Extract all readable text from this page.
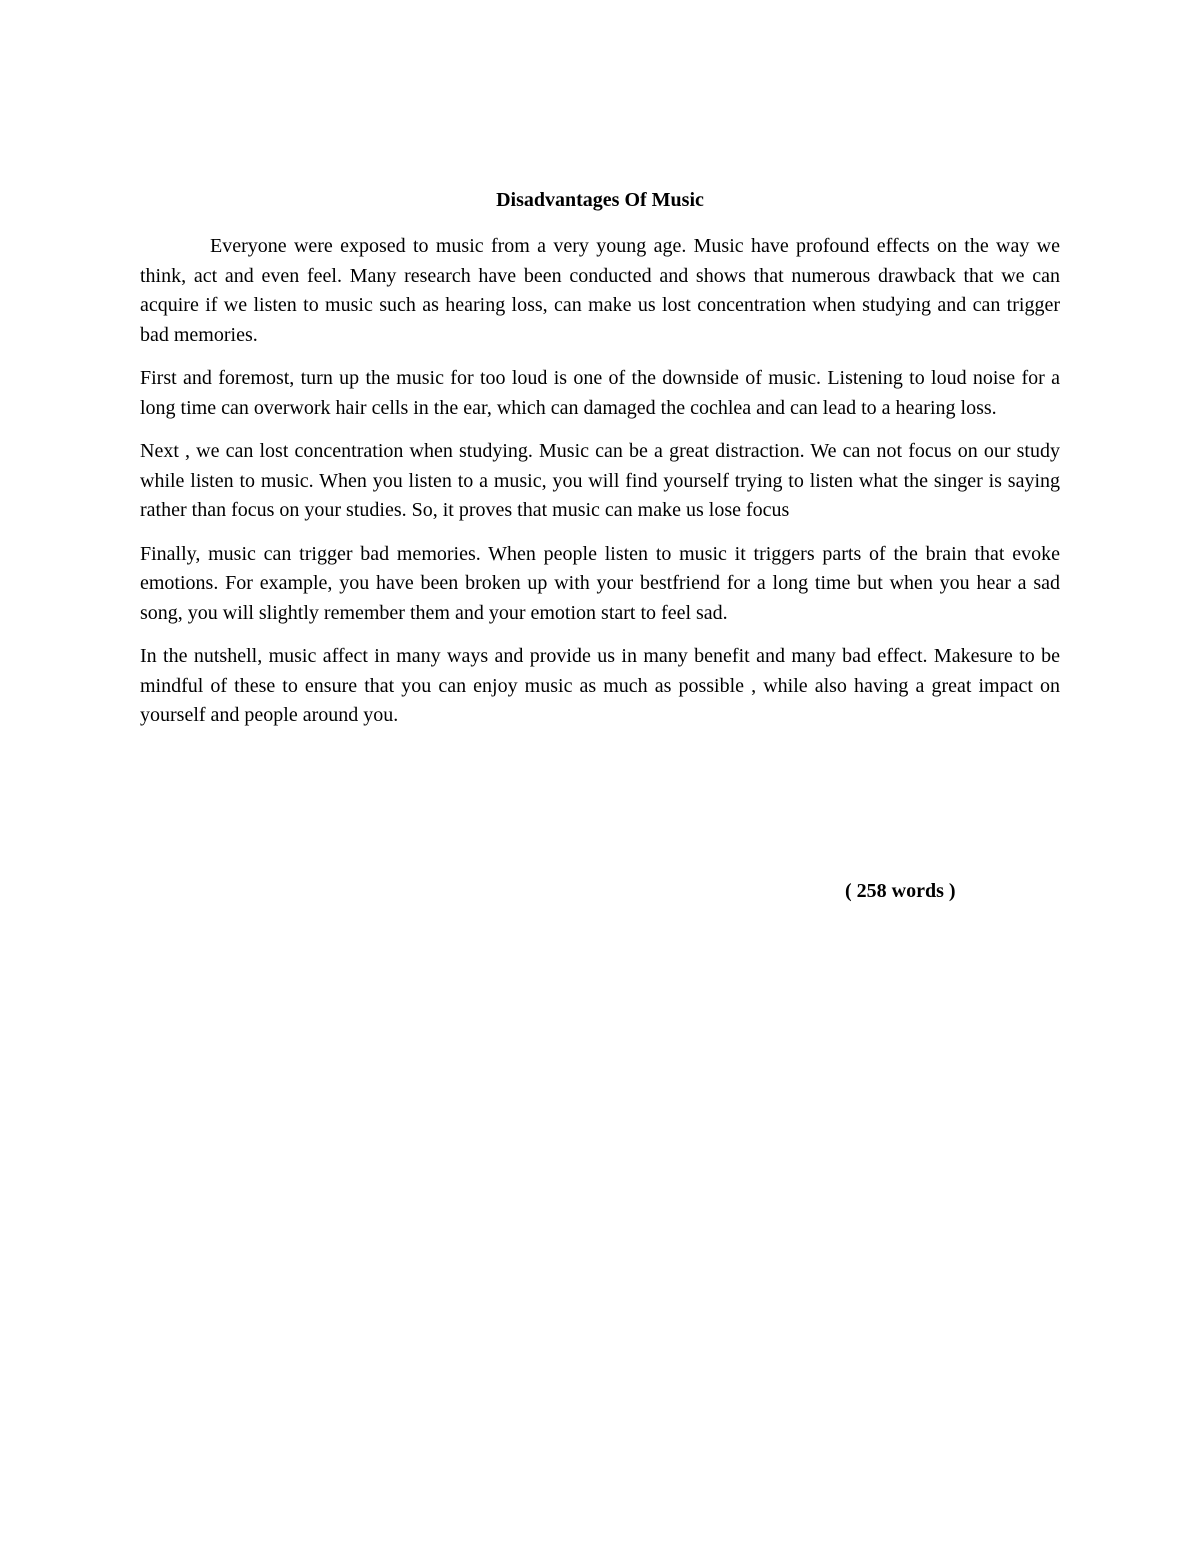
Disadvantages Of Music

Everyone were exposed to music from a very young age. Music have profound effects on the way we think, act and even feel. Many research have been conducted and shows that numerous drawback that we can acquire if we listen to music such as hearing loss, can make us lost concentration when studying and can trigger bad memories.

First and foremost, turn up the music for too loud is one of the downside of music. Listening to loud noise for a long time can overwork hair cells in the ear, which can damaged the cochlea and can lead to a hearing loss.

Next , we can lost concentration when studying. Music can be a great distraction. We can not focus on our study while listen to music. When you listen to a music, you will find yourself trying to listen what the singer is saying rather than focus on your studies. So, it proves that music can make us lose focus

Finally, music can trigger bad memories. When people listen to music it triggers parts of the brain that evoke emotions. For example, you have been broken up with your bestfriend for a long time but when you hear a sad song, you will slightly remember them and your emotion start to feel sad.

In the nutshell, music affect in many ways and provide us in many benefit and many bad effect. Makesure to be mindful of these to ensure that you can enjoy music as much as possible , while also having a great impact on yourself and people around you.

( 258 words )
